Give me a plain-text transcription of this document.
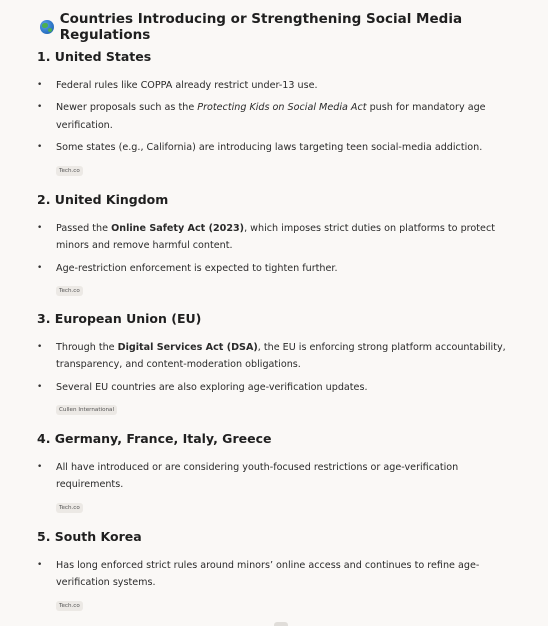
Countries Introducing or Strengthening Social Media Regulations
1. United States
• Federal rules like COPPA already restrict under-13 use.
• Newer proposals such as the Protecting Kids on Social Media Act push for mandatory age verification.
• Some states (e.g., California) are introducing laws targeting teen social-media addiction.
Tech.co
2. United Kingdom
• Passed the Online Safety Act (2023), which imposes strict duties on platforms to protect minors and remove harmful content.
• Age-restriction enforcement is expected to tighten further.
Tech.co
3. European Union (EU)
• Through the Digital Services Act (DSA), the EU is enforcing strong platform accountability, transparency, and content-moderation obligations.
• Several EU countries are also exploring age-verification updates.
Cullen International
4. Germany, France, Italy, Greece
• All have introduced or are considering youth-focused restrictions or age-verification requirements.
Tech.co
5. South Korea
• Has long enforced strict rules around minors’ online access and continues to refine age-verification systems.
Tech.co
